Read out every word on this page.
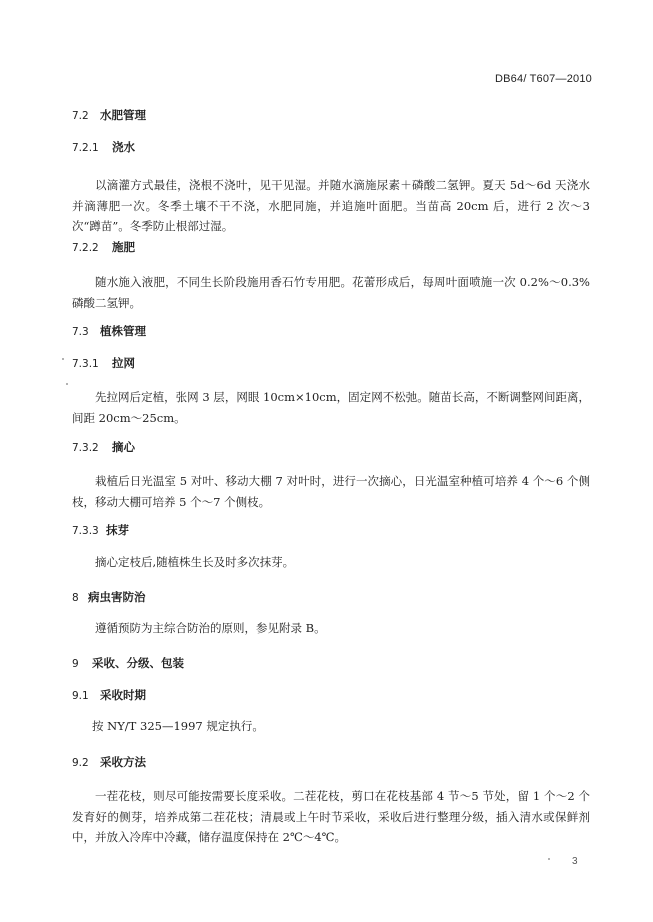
DB64/ T607—2010
7.2 水肥管理
7.2.1 浇水
以滴灌方式最佳，浇根不浇叶，见干见湿。并随水滴施尿素＋磷酸二氢钾。夏天 5d～6d 天浇水并滴薄肥一次。冬季土壤不干不浇，水肥同施，并追施叶面肥。当苗高 20cm 后，进行 2 次～3 次“蹲苗”。冬季防止根部过湿。
7.2.2 施肥
随水施入液肥，不同生长阶段施用香石竹专用肥。花蕾形成后，每周叶面喷施一次 0.2%～0.3%磷酸二氢钾。
7.3 植株管理
7.3.1 拉网
先拉网后定植，张网 3 层，网眼 10cm×10cm，固定网不松弛。随苗长高，不断调整网间距离，间距 20cm～25cm。
7.3.2 摘心
栽植后日光温室 5 对叶、移动大棚 7 对叶时，进行一次摘心，日光温室种植可培养 4 个～6 个侧枝，移动大棚可培养 5 个～7 个侧枝。
7.3.3 抹芽
摘心定枝后,随植株生长及时多次抹芽。
8 病虫害防治
遵循预防为主综合防治的原则，参见附录 B。
9 采收、分级、包装
9.1 采收时期
按 NY/T 325—1997 规定执行。
9.2 采收方法
一茬花枝，则尽可能按需要长度采收。二茬花枝，剪口在花枝基部 4 节～5 节处，留 1 个～2 个发育好的侧芽，培养成第二茬花枝；清晨或上午时节采收，采收后进行整理分级，插入清水或保鲜剂中，并放入冷库中冷藏，储存温度保持在 2℃～4℃。
3
